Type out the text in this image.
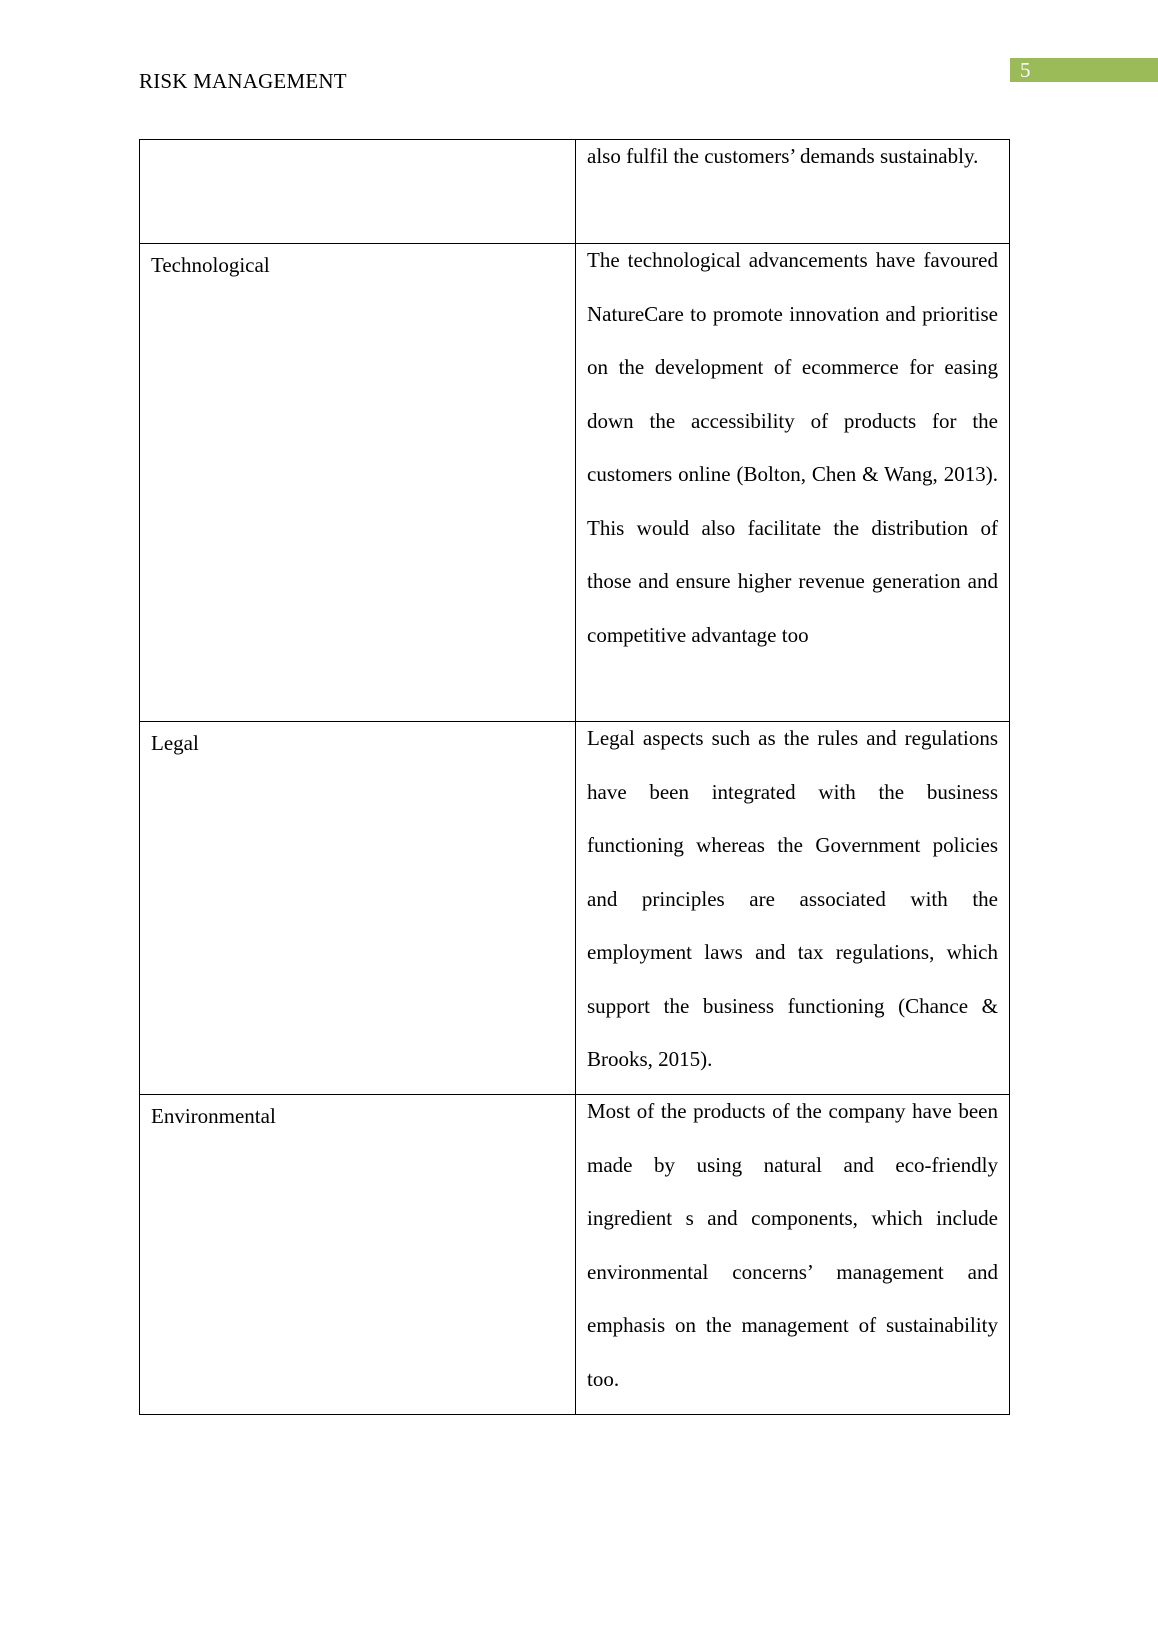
5
RISK MANAGEMENT

	also fulfil the customers’ demands sustainably.

Technological	The technological advancements have favoured NatureCare to promote innovation and prioritise on the development of ecommerce for easing down the accessibility of products for the customers online (Bolton, Chen & Wang, 2013). This would also facilitate the distribution of those and ensure higher revenue generation and competitive advantage too

Legal	Legal aspects such as the rules and regulations have been integrated with the business functioning whereas the Government policies and principles are associated with the employment laws and tax regulations, which support the business functioning (Chance & Brooks, 2015).

Environmental	Most of the products of the company have been made by using natural and eco-friendly ingredient s and components, which include environmental concerns’ management and emphasis on the management of sustainability too.
